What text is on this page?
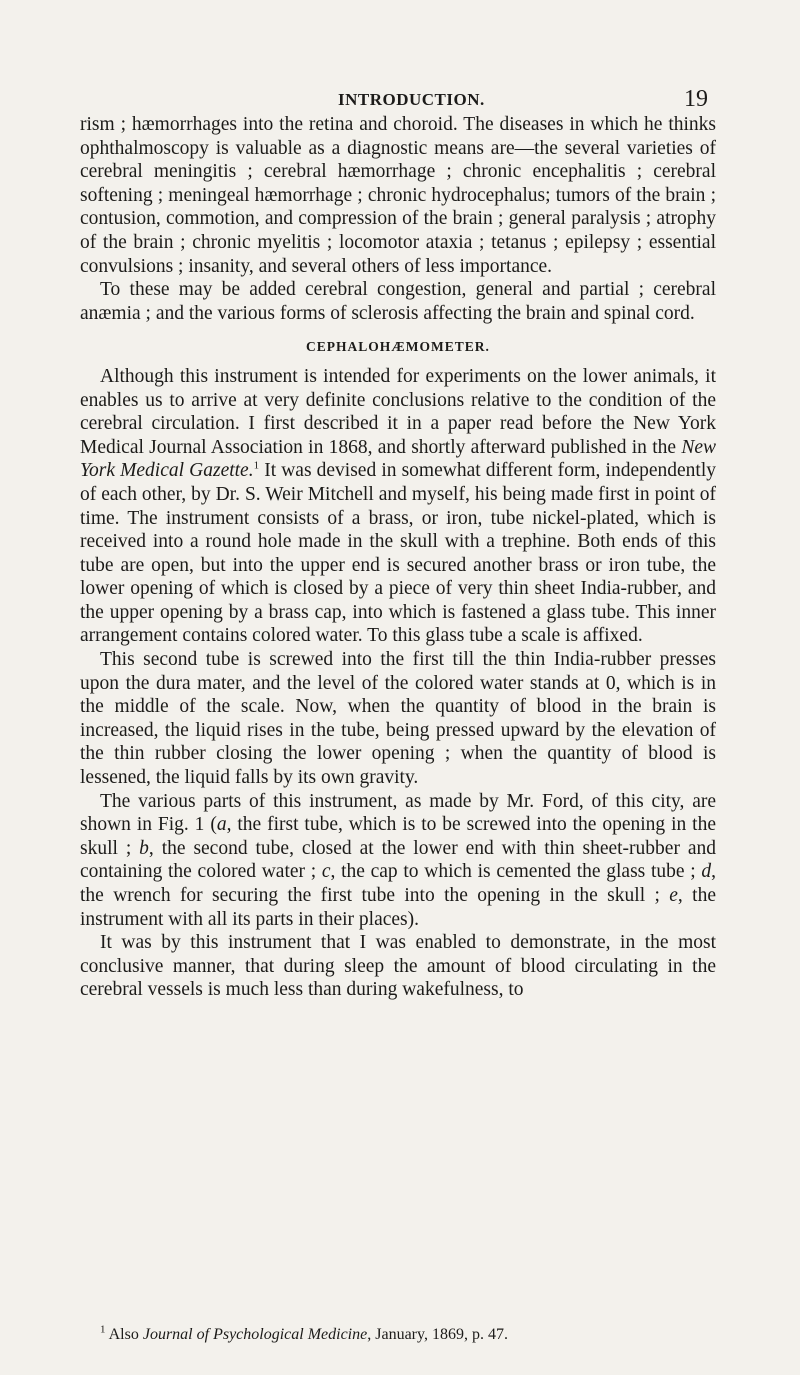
INTRODUCTION.	19

rism ; hæmorrhages into the retina and choroid. The diseases in which he thinks ophthalmoscopy is valuable as a diagnostic means are—the several varieties of cerebral meningitis ; cerebral hæmorrhage ; chronic encephalitis ; cerebral softening ; meningeal hæmorrhage ; chronic hydrocephalus; tumors of the brain ; contusion, commotion, and compression of the brain ; general paralysis ; atrophy of the brain ; chronic myelitis ; locomotor ataxia ; tetanus ; epilepsy ; essential convulsions ; insanity, and several others of less importance.

To these may be added cerebral congestion, general and partial ; cerebral anæmia ; and the various forms of sclerosis affecting the brain and spinal cord.

CEPHALOHÆMOMETER.

Although this instrument is intended for experiments on the lower animals, it enables us to arrive at very definite conclusions relative to the condition of the cerebral circulation. I first described it in a paper read before the New York Medical Journal Association in 1868, and shortly afterward published in the New York Medical Gazette.$^1$ It was devised in somewhat different form, independently of each other, by Dr. S. Weir Mitchell and myself, his being made first in point of time. The instrument consists of a brass, or iron, tube nickel-plated, which is received into a round hole made in the skull with a trephine. Both ends of this tube are open, but into the upper end is secured another brass or iron tube, the lower opening of which is closed by a piece of very thin sheet India-rubber, and the upper opening by a brass cap, into which is fastened a glass tube. This inner arrangement contains colored water. To this glass tube a scale is affixed.

This second tube is screwed into the first till the thin India-rubber presses upon the dura mater, and the level of the colored water stands at 0, which is in the middle of the scale. Now, when the quantity of blood in the brain is increased, the liquid rises in the tube, being pressed upward by the elevation of the thin rubber closing the lower opening ; when the quantity of blood is lessened, the liquid falls by its own gravity.

The various parts of this instrument, as made by Mr. Ford, of this city, are shown in Fig. 1 (a, the first tube, which is to be screwed into the opening in the skull ; b, the second tube, closed at the lower end with thin sheet-rubber and containing the colored water ; c, the cap to which is cemented the glass tube ; d, the wrench for securing the first tube into the opening in the skull ; e, the instrument with all its parts in their places).

It was by this instrument that I was enabled to demonstrate, in the most conclusive manner, that during sleep the amount of blood circulating in the cerebral vessels is much less than during wakefulness, to

$^1$ Also Journal of Psychological Medicine, January, 1869, p. 47.
